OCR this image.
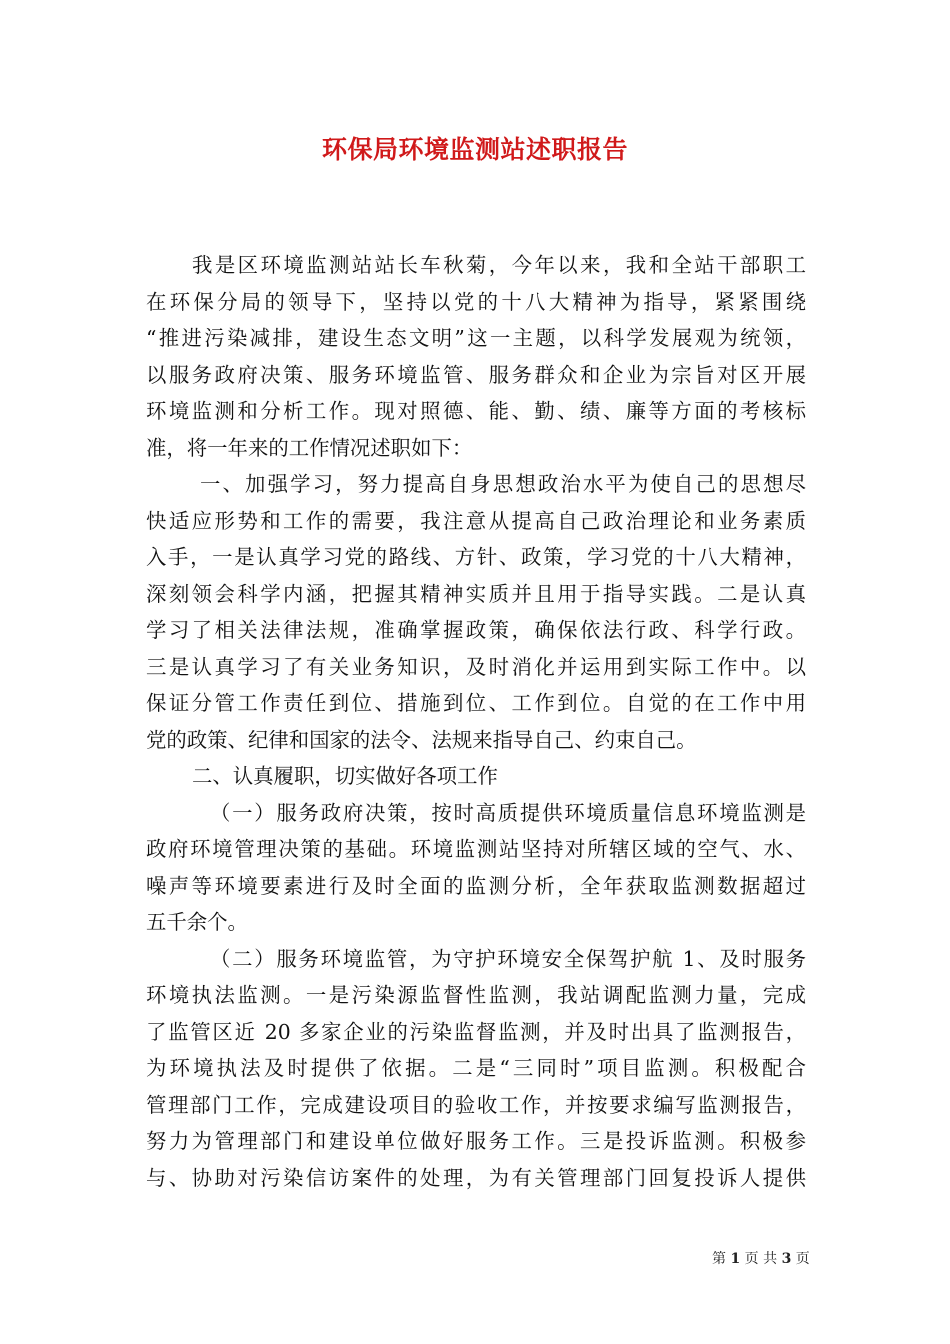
环保局环境监测站述职报告
我是区环境监测站站长车秋菊，今年以来，我和全站干部职工
在环保分局的领导下，坚持以党的十八大精神为指导，紧紧围绕
“推进污染减排，建设生态文明”这一主题，以科学发展观为统领，
以服务政府决策、服务环境监管、服务群众和企业为宗旨对区开展
环境监测和分析工作。现对照德、能、勤、绩、廉等方面的考核标
准，将一年来的工作情况述职如下：
一、加强学习，努力提高自身思想政治水平为使自己的思想尽
快适应形势和工作的需要，我注意从提高自己政治理论和业务素质
入手，一是认真学习党的路线、方针、政策，学习党的十八大精神，
深刻领会科学内涵，把握其精神实质并且用于指导实践。二是认真
学习了相关法律法规，准确掌握政策，确保依法行政、科学行政。
三是认真学习了有关业务知识，及时消化并运用到实际工作中。以
保证分管工作责任到位、措施到位、工作到位。自觉的在工作中用
党的政策、纪律和国家的法令、法规来指导自己、约束自己。
二、认真履职，切实做好各项工作
（一）服务政府决策，按时高质提供环境质量信息环境监测是
政府环境管理决策的基础。环境监测站坚持对所辖区域的空气、水、
噪声等环境要素进行及时全面的监测分析，全年获取监测数据超过
五千余个。
（二）服务环境监管，为守护环境安全保驾护航 1、及时服务
环境执法监测。一是污染源监督性监测，我站调配监测力量，完成
了监管区近 20 多家企业的污染监督监测，并及时出具了监测报告，
为环境执法及时提供了依据。二是“三同时”项目监测。积极配合
管理部门工作，完成建设项目的验收工作，并按要求编写监测报告，
努力为管理部门和建设单位做好服务工作。三是投诉监测。积极参
与、协助对污染信访案件的处理，为有关管理部门回复投诉人提供
第 1 页 共 3 页
